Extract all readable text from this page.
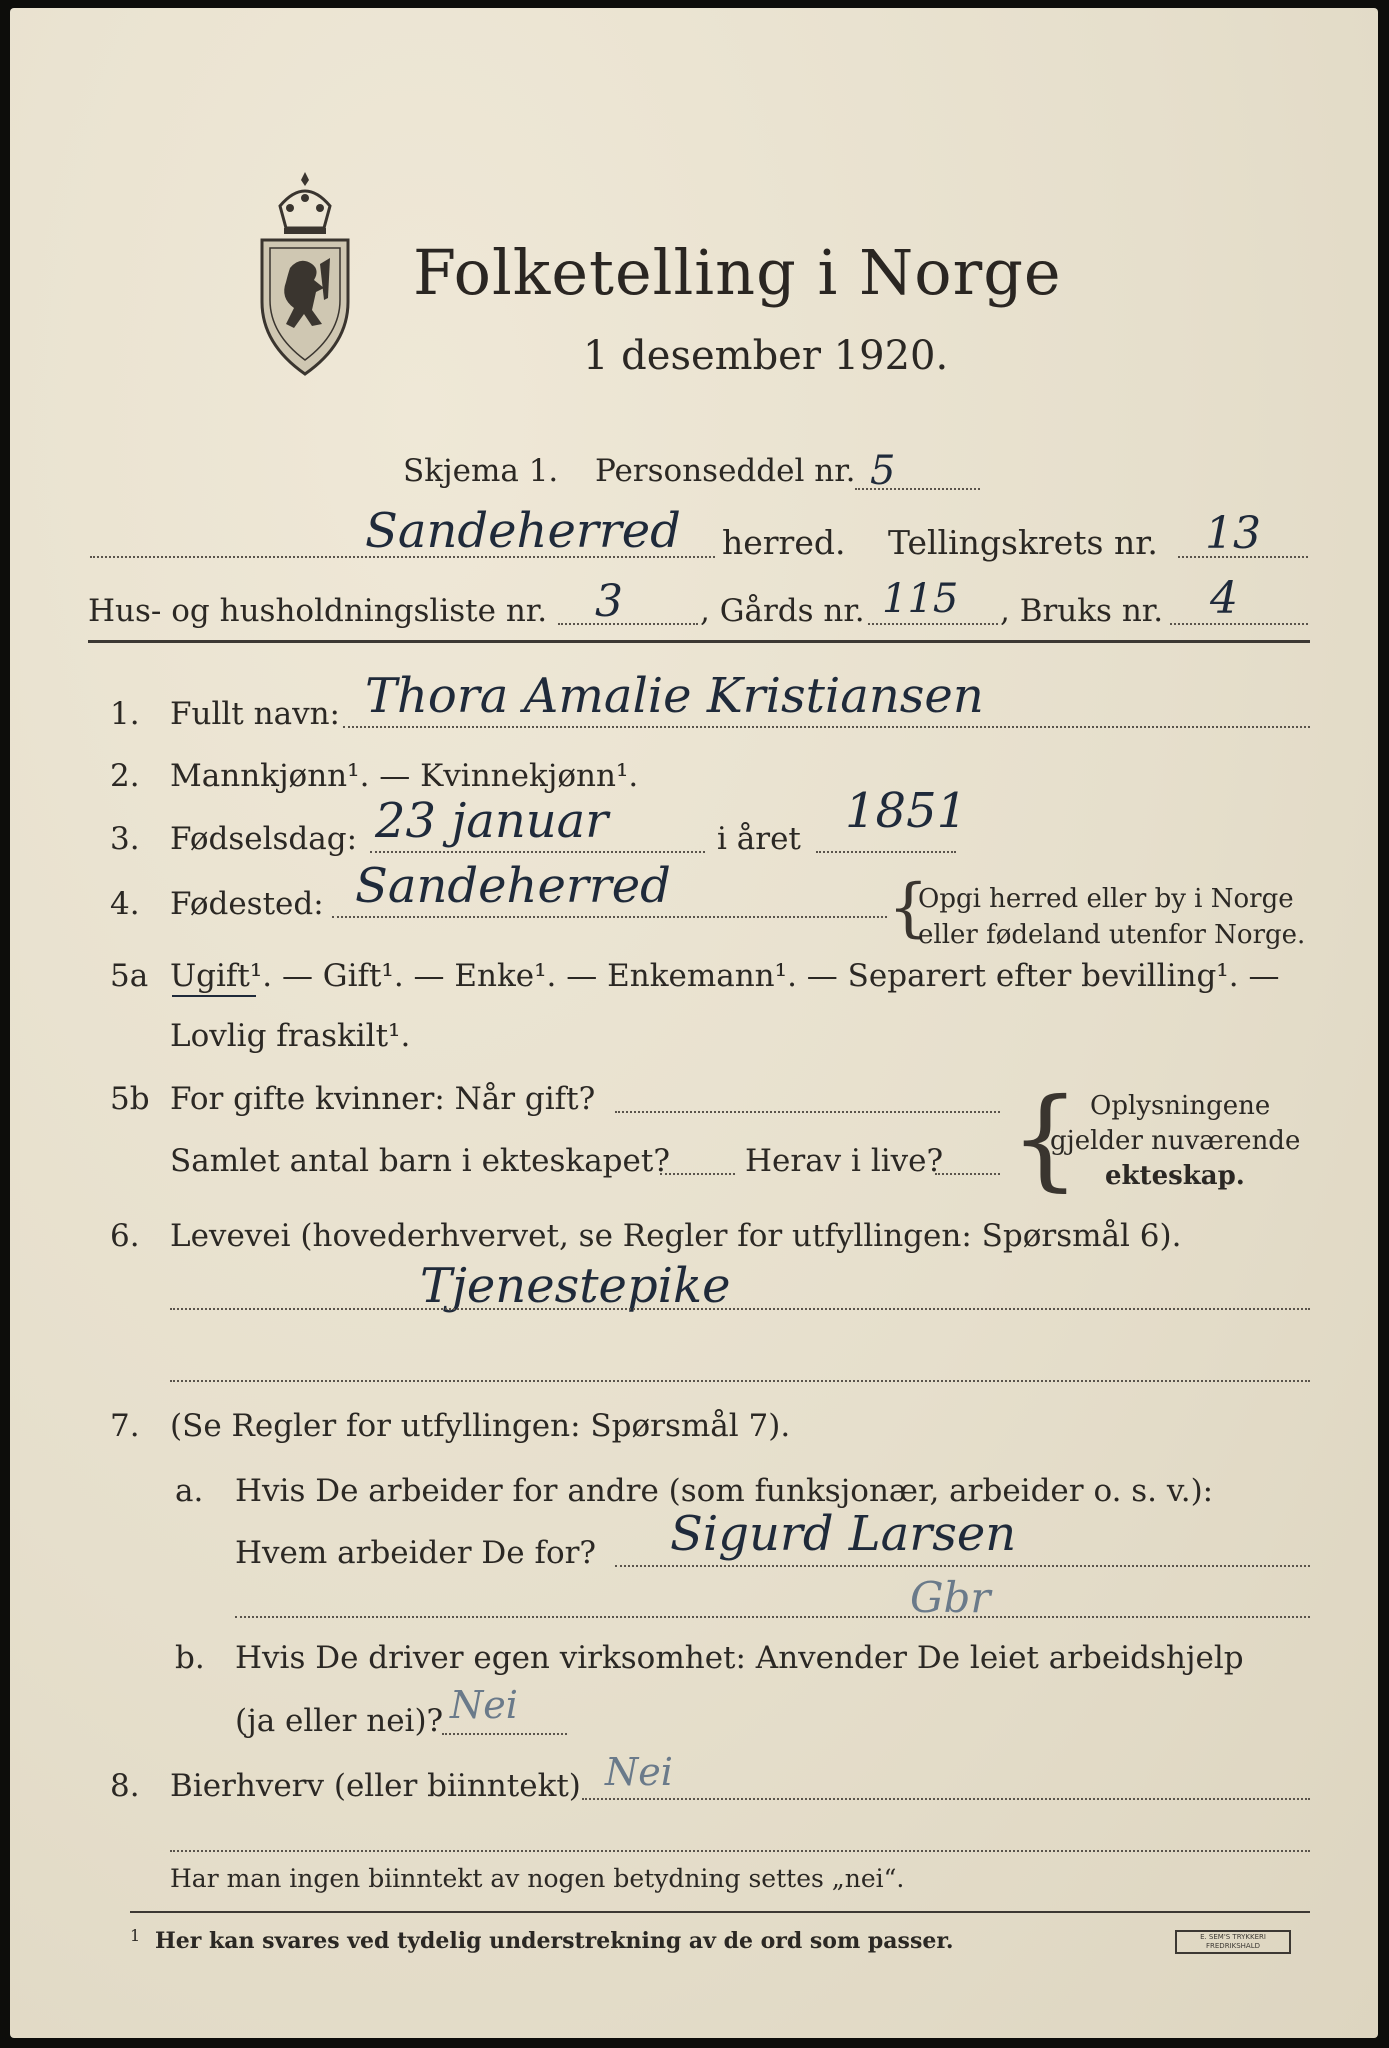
Folketelling i Norge
1 desember 1920.
Skjema 1. Personseddel nr. 5
Sandeherred herred. Tellingskrets nr. 13
Hus- og husholdningsliste nr. 3 , Gårds nr. 115 , Bruks nr. 4
1. Fullt navn: Thora Amalie Kristiansen
2. Mannkjønn¹. — Kvinnekjønn¹.
3. Fødselsdag: 23 januar	i året 1851
4. Fødested: Sandeherred	{
Opgi herred eller by i Norge
eller fødeland utenfor Norge.
5a Ugift¹. — Gift¹. — Enke¹. — Enkemann¹. — Separert efter bevilling¹. —
Lovlig fraskilt¹.
5b For gifte kvinner: Når gift?
Samlet antal barn i ekteskapet? Herav i live? { Oplysningene
gjelder nuværende
ekteskap.
6. Levevei (hovederhvervet, se Regler for utfyllingen: Spørsmål 6).
Tjenestepike
7. (Se Regler for utfyllingen: Spørsmål 7).
a. Hvis De arbeider for andre (som funksjonær, arbeider o. s. v.):
Hvem arbeider De for? Sigurd Larsen
Gbr
b. Hvis De driver egen virksomhet: Anvender De leiet arbeidshjelp
(ja eller nei)? Nei
8. Bierhverv (eller biinntekt) Nei
Har man ingen biinntekt av nogen betydning settes „nei“.
1 Her kan svares ved tydelig understrekning av de ord som passer.	E. SEM'S TRYKKERI FREDRIKSHALD
